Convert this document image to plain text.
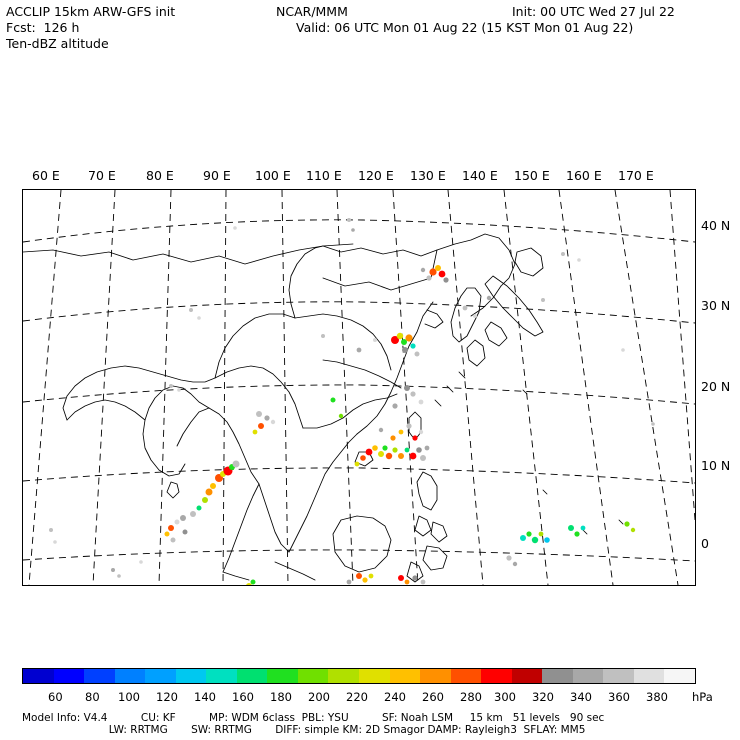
ACCLIP 15km ARW-GFS init
Fcst:  126 h
Ten-dBZ altitude
NCAR/MMM	Init: 00 UTC Wed 27 Jul 22
Valid: 06 UTC Mon 01 Aug 22 (15 KST Mon 01 Aug 22)
60 E 70 E 80 E 90 E 100 E 110 E 120 E 130 E 140 E 150 E 160 E 170 E
40 N
30 N
20 N
10 N
0
60 80 100 120 140 160 180 200 220 240 260 280 300 320 340 360 380 hPa
Model Info: V4.4          CU: KF          MP: WDM 6class  PBL: YSU          SF: Noah LSM     15 km   51 levels   90 sec
LW: RRTMG       SW: RRTMG       DIFF: simple KM: 2D Smagor DAMP: Rayleigh3  SFLAY: MM5
